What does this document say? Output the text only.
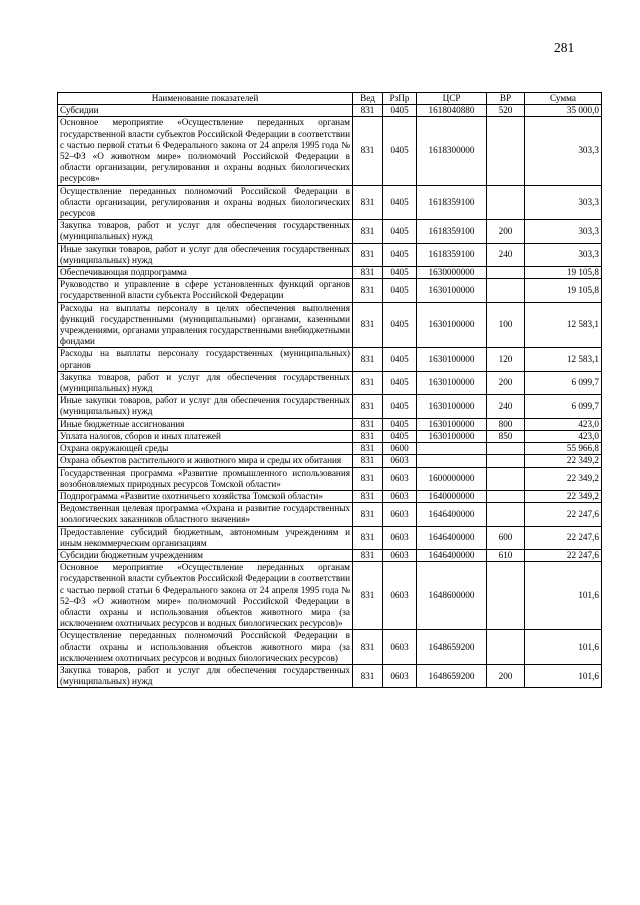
281
Наименование показателей	Вед	РзПр	ЦСР	ВР	Сумма
Субсидии	831	0405	1618040880	520	35 000,0
Основное мероприятие «Осуществление переданных органам государственной власти субъектов Российской Федерации в соответствии с частью первой статьи 6 Федерального закона от 24 апреля 1995 года № 52–ФЗ «О животном мире» полномочий Российской Федерации в области организации, регулирования и охраны водных биологических ресурсов»	831	0405	1618300000		303,3
Осуществление переданных полномочий Российской Федерации в области организации, регулирования и охраны водных биологических ресурсов	831	0405	1618359100		303,3
Закупка товаров, работ и услуг для обеспечения государственных (муниципальных) нужд	831	0405	1618359100	200	303,3
Иные закупки товаров, работ и услуг для обеспечения государственных (муниципальных) нужд	831	0405	1618359100	240	303,3
Обеспечивающая подпрограмма	831	0405	1630000000		19 105,8
Руководство и управление в сфере установленных функций органов государственной власти субъекта Российской Федерации	831	0405	1630100000		19 105,8
Расходы на выплаты персоналу в целях обеспечения выполнения функций государственными (муниципальными) органами, казенными учреждениями, органами управления государственными внебюджетными фондами	831	0405	1630100000	100	12 583,1
Расходы на выплаты персоналу государственных (муниципальных) органов	831	0405	1630100000	120	12 583,1
Закупка товаров, работ и услуг для обеспечения государственных (муниципальных) нужд	831	0405	1630100000	200	6 099,7
Иные закупки товаров, работ и услуг для обеспечения государственных (муниципальных) нужд	831	0405	1630100000	240	6 099,7
Иные бюджетные ассигнования	831	0405	1630100000	800	423,0
Уплата налогов, сборов и иных платежей	831	0405	1630100000	850	423,0
Охрана окружающей среды	831	0600			55 966,8
Охрана объектов растительного и животного мира и среды их обитания	831	0603			22 349,2
Государственная программа «Развитие промышленного использования возобновляемых природных ресурсов Томской области»	831	0603	1600000000		22 349,2
Подпрограмма «Развитие охотничьего хозяйства Томской области»	831	0603	1640000000		22 349,2
Ведомственная целевая программа «Охрана и развитие государственных зоологических заказников областного значения»	831	0603	1646400000		22 247,6
Предоставление субсидий бюджетным, автономным учреждениям и иным некоммерческим организациям	831	0603	1646400000	600	22 247,6
Субсидии бюджетным учреждениям	831	0603	1646400000	610	22 247,6
Основное мероприятие «Осуществление переданных органам государственной власти субъектов Российской Федерации в соответствии с частью первой статьи 6 Федерального закона от 24 апреля 1995 года № 52–ФЗ «О животном мире» полномочий Российской Федерации в области охраны и использования объектов животного мира (за исключением охотничьих ресурсов и водных биологических ресурсов)»	831	0603	1648600000		101,6
Осуществление переданных полномочий Российской Федерации в области охраны и использования объектов животного мира (за исключением охотничьих ресурсов и водных биологических ресурсов)	831	0603	1648659200		101,6
Закупка товаров, работ и услуг для обеспечения государственных (муниципальных) нужд	831	0603	1648659200	200	101,6
